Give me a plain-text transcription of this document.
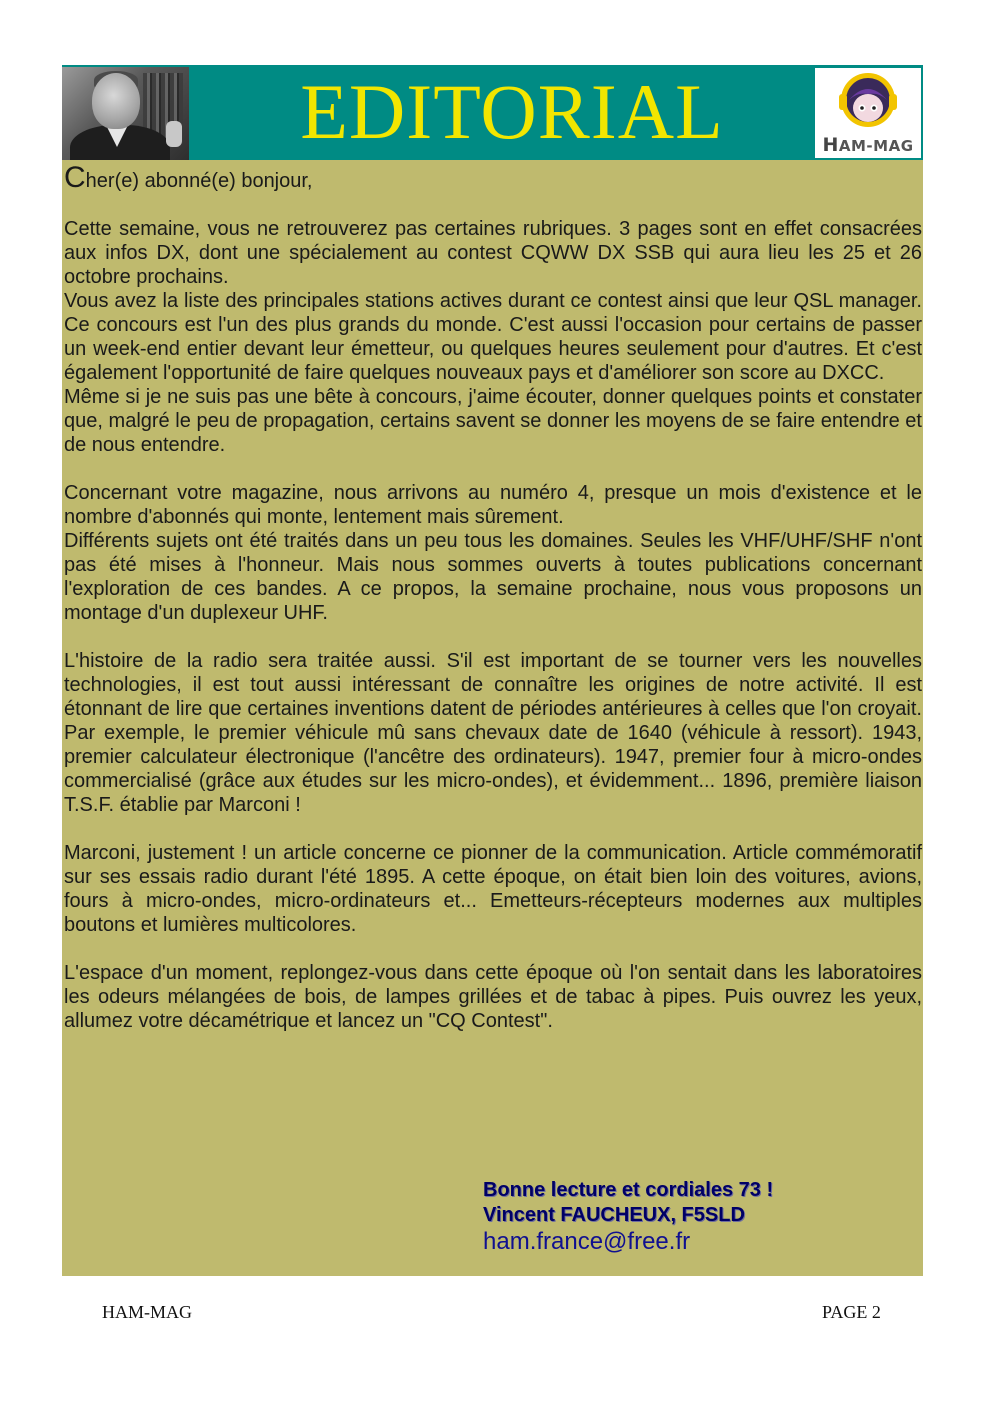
EDITORIAL	HAM-MAG

Cher(e) abonné(e) bonjour,

Cette semaine, vous ne retrouverez pas certaines rubriques. 3 pages sont en effet consacrées aux infos DX, dont une spécialement au contest CQWW DX SSB qui aura lieu les 25 et 26 octobre prochains.

Vous avez la liste des principales stations actives durant ce contest ainsi que leur QSL manager. Ce concours est l'un des plus grands du monde. C'est aussi l'occasion pour certains de passer un week-end entier devant leur émetteur, ou quelques heures seulement pour d'autres. Et c'est également l'opportunité de faire quelques nouveaux pays et d'améliorer son score au DXCC.

Même si je ne suis pas une bête à concours, j'aime écouter, donner quelques points et constater que, malgré le peu de propagation, certains savent se donner les moyens de se faire entendre et de nous entendre.

Concernant votre magazine, nous arrivons au numéro 4, presque un mois d'existence et le nombre d'abonnés qui monte, lentement mais sûrement.

Différents sujets ont été traités dans un peu tous les domaines. Seules les VHF/UHF/SHF n'ont pas été mises à l'honneur. Mais nous sommes ouverts à toutes publications concernant l'exploration de ces bandes. A ce propos, la semaine prochaine, nous vous proposons un montage d'un duplexeur UHF.

L'histoire de la radio sera traitée aussi. S'il est important de se tourner vers les nouvelles technologies, il est tout aussi intéressant de connaître les origines de notre activité. Il est étonnant de lire que certaines inventions datent de périodes antérieures à celles que l'on croyait. Par exemple, le premier véhicule mû sans chevaux date de 1640 (véhicule à ressort). 1943, premier calculateur électronique (l'ancêtre des ordinateurs). 1947, premier four à micro-ondes commercialisé (grâce aux études sur les micro-ondes), et évidemment... 1896, première liaison T.S.F. établie par Marconi !

Marconi, justement ! un article concerne ce pionner de la communication. Article commémoratif sur ses essais radio durant l'été 1895. A cette époque, on était bien loin des voitures, avions, fours à micro-ondes, micro-ordinateurs et... Emetteurs-récepteurs modernes aux multiples boutons et lumières multicolores.

L'espace d'un moment, replongez-vous dans cette époque où l'on sentait dans les laboratoires les odeurs mélangées de bois, de lampes grillées et de tabac à pipes. Puis ouvrez les yeux, allumez votre décamétrique et lancez un "CQ Contest".

Bonne lecture et cordiales 73 !
Vincent FAUCHEUX, F5SLD
ham.france@free.fr
HAM-MAG	PAGE 2
